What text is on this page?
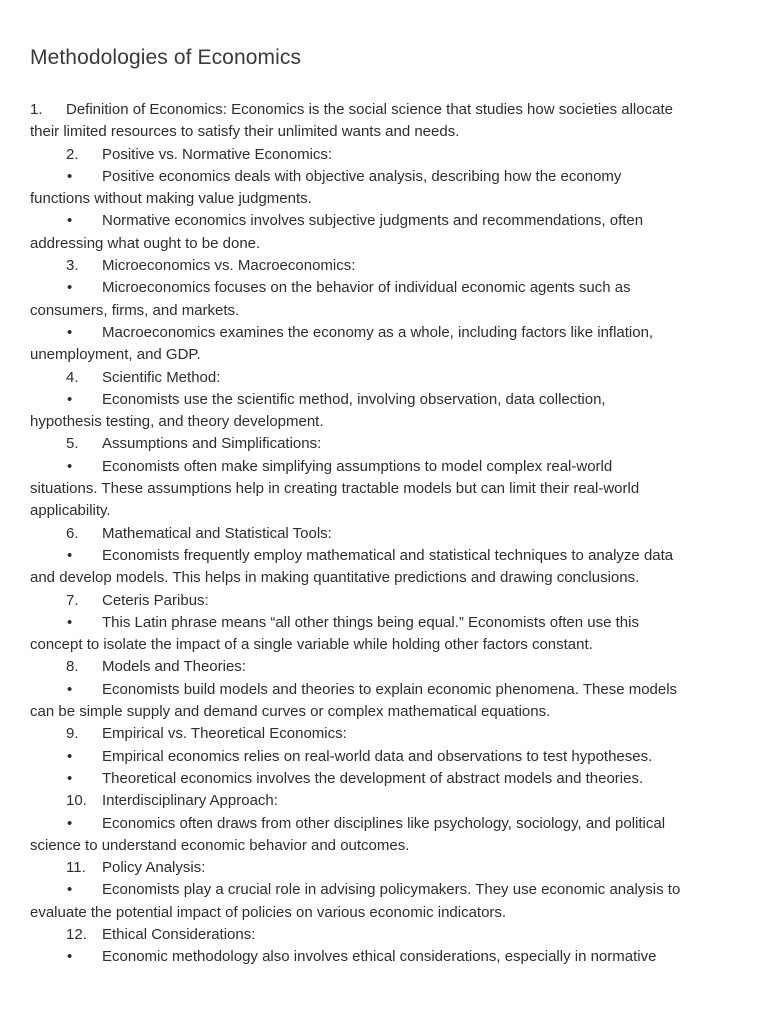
Methodologies of Economics
1. Definition of Economics: Economics is the social science that studies how societies allocate
their limited resources to satisfy their unlimited wants and needs.
2. Positive vs. Normative Economics:
• Positive economics deals with objective analysis, describing how the economy
functions without making value judgments.
• Normative economics involves subjective judgments and recommendations, often
addressing what ought to be done.
3. Microeconomics vs. Macroeconomics:
• Microeconomics focuses on the behavior of individual economic agents such as
consumers, firms, and markets.
• Macroeconomics examines the economy as a whole, including factors like inflation,
unemployment, and GDP.
4. Scientific Method:
• Economists use the scientific method, involving observation, data collection,
hypothesis testing, and theory development.
5. Assumptions and Simplifications:
• Economists often make simplifying assumptions to model complex real-world
situations. These assumptions help in creating tractable models but can limit their real-world
applicability.
6. Mathematical and Statistical Tools:
• Economists frequently employ mathematical and statistical techniques to analyze data
and develop models. This helps in making quantitative predictions and drawing conclusions.
7. Ceteris Paribus:
• This Latin phrase means “all other things being equal.” Economists often use this
concept to isolate the impact of a single variable while holding other factors constant.
8. Models and Theories:
• Economists build models and theories to explain economic phenomena. These models
can be simple supply and demand curves or complex mathematical equations.
9. Empirical vs. Theoretical Economics:
• Empirical economics relies on real-world data and observations to test hypotheses.
• Theoretical economics involves the development of abstract models and theories.
10. Interdisciplinary Approach:
• Economics often draws from other disciplines like psychology, sociology, and political
science to understand economic behavior and outcomes.
11. Policy Analysis:
• Economists play a crucial role in advising policymakers. They use economic analysis to
evaluate the potential impact of policies on various economic indicators.
12. Ethical Considerations:
• Economic methodology also involves ethical considerations, especially in normative
